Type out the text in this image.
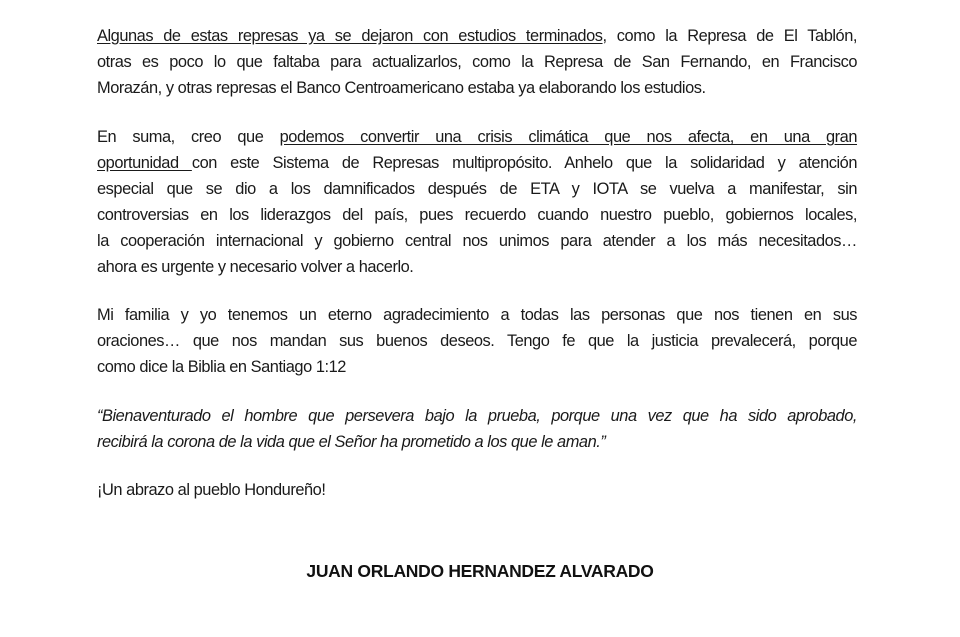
Algunas de estas represas ya se dejaron con estudios terminados, como la Represa de El Tablón,
otras es poco lo que faltaba para actualizarlos, como la Represa de San Fernando, en Francisco
Morazán, y otras represas el Banco Centroamericano estaba ya elaborando los estudios.

En suma, creo que podemos convertir una crisis climática que nos afecta, en una gran
oportunidad con este Sistema de Represas multipropósito. Anhelo que la solidaridad y atención
especial que se dio a los damnificados después de ETA y IOTA se vuelva a manifestar, sin
controversias en los liderazgos del país, pues recuerdo cuando nuestro pueblo, gobiernos locales,
la cooperación internacional y gobierno central nos unimos para atender a los más necesitados…
ahora es urgente y necesario volver a hacerlo.

Mi familia y yo tenemos un eterno agradecimiento a todas las personas que nos tienen en sus
oraciones… que nos mandan sus buenos deseos. Tengo fe que la justicia prevalecerá, porque
como dice la Biblia en Santiago 1:12

“Bienaventurado el hombre que persevera bajo la prueba, porque una vez que ha sido aprobado,
recibirá la corona de la vida que el Señor ha prometido a los que le aman.”

¡Un abrazo al pueblo Hondureño!

JUAN ORLANDO HERNANDEZ ALVARADO
